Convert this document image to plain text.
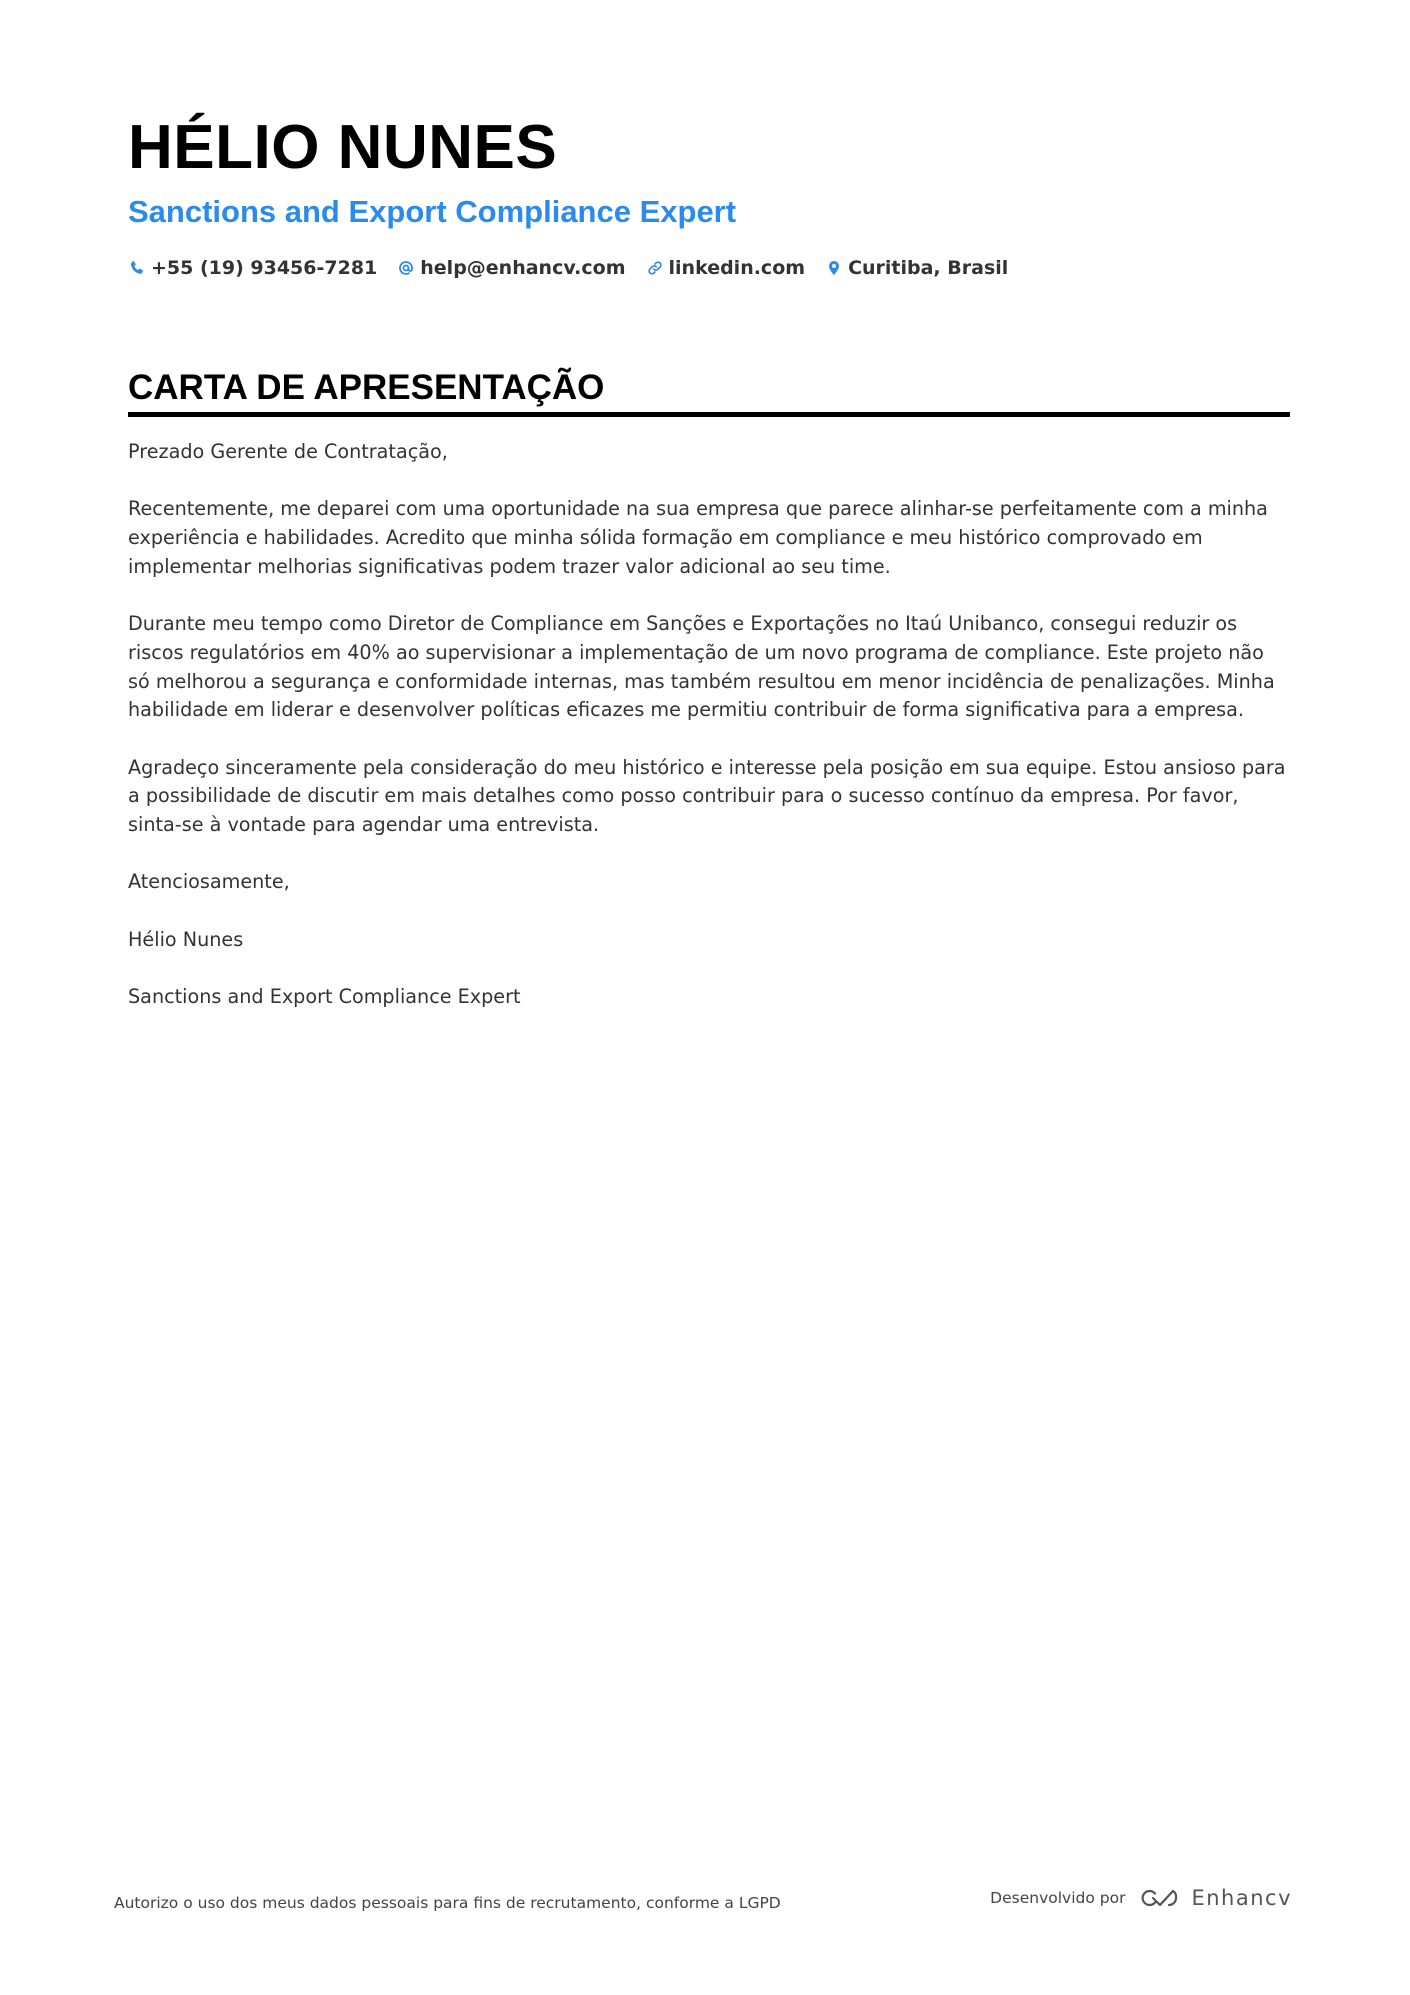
HÉLIO NUNES
Sanctions and Export Compliance Expert
+55 (19) 93456-7281 help@enhancv.com linkedin.com Curitiba, Brasil
CARTA DE APRESENTAÇÃO

Prezado Gerente de Contratação,

Recentemente, me deparei com uma oportunidade na sua empresa que parece alinhar-se perfeitamente com a minha experiência e habilidades. Acredito que minha sólida formação em compliance e meu histórico comprovado em implementar melhorias significativas podem trazer valor adicional ao seu time.

Durante meu tempo como Diretor de Compliance em Sanções e Exportações no Itaú Unibanco, consegui reduzir os riscos regulatórios em 40% ao supervisionar a implementação de um novo programa de compliance. Este projeto não só melhorou a segurança e conformidade internas, mas também resultou em menor incidência de penalizações. Minha habilidade em liderar e desenvolver políticas eficazes me permitiu contribuir de forma significativa para a empresa.

Agradeço sinceramente pela consideração do meu histórico e interesse pela posição em sua equipe. Estou ansioso para a possibilidade de discutir em mais detalhes como posso contribuir para o sucesso contínuo da empresa. Por favor, sinta-se à vontade para agendar uma entrevista.

Atenciosamente,

Hélio Nunes

Sanctions and Export Compliance Expert

Autorizo o uso dos meus dados pessoais para fins de recrutamento, conforme a LGPD	Desenvolvido por	Enhancv
